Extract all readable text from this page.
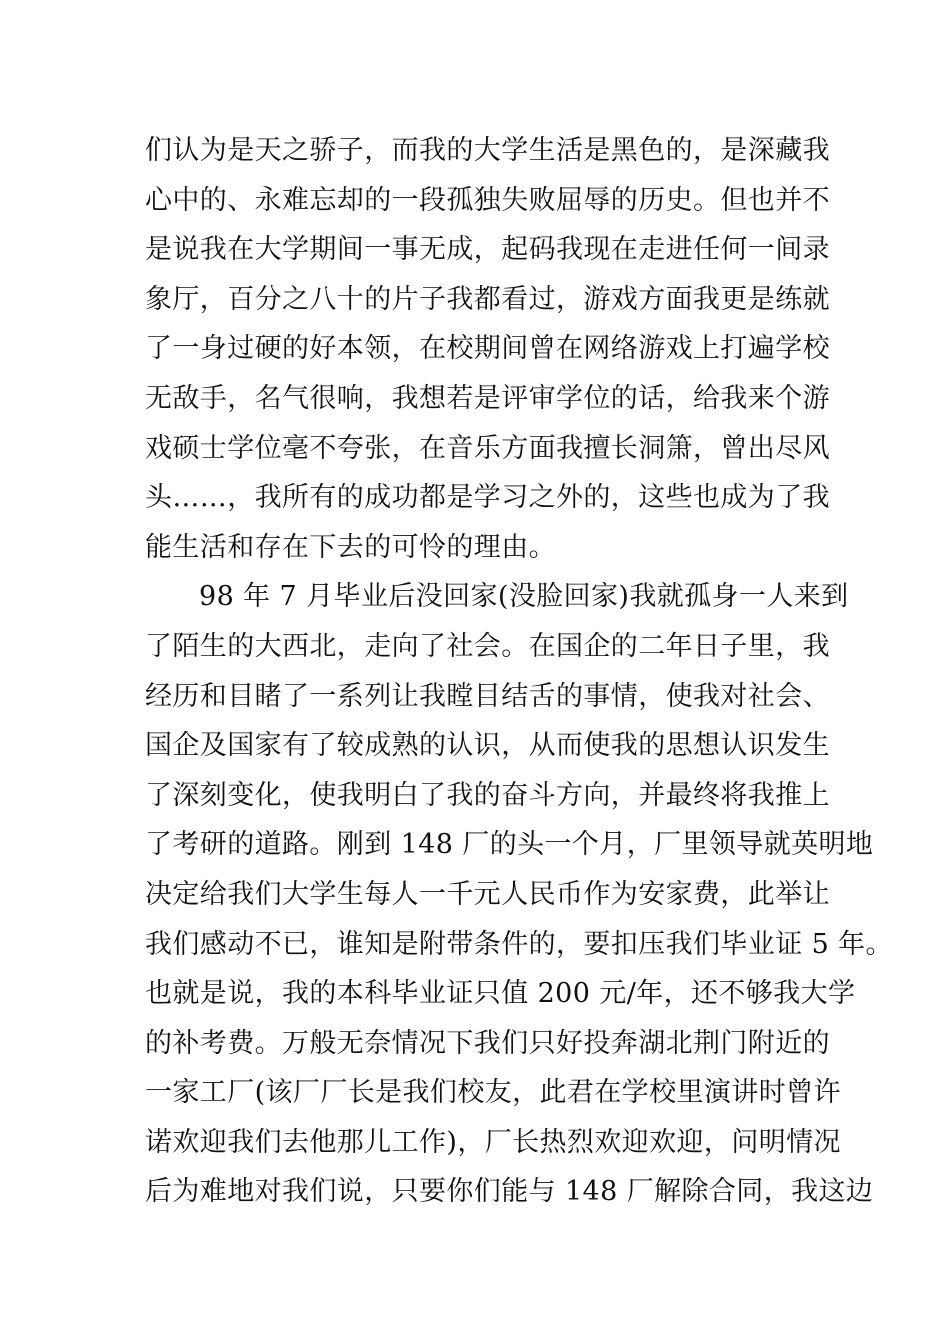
们认为是天之骄子，而我的大学生活是黑色的，是深藏我
心中的、永难忘却的一段孤独失败屈辱的历史。但也并不
是说我在大学期间一事无成，起码我现在走进任何一间录
象厅，百分之八十的片子我都看过，游戏方面我更是练就
了一身过硬的好本领，在校期间曾在网络游戏上打遍学校
无敌手，名气很响，我想若是评审学位的话，给我来个游
戏硕士学位毫不夸张，在音乐方面我擅长洞箫，曾出尽风
头……，我所有的成功都是学习之外的，这些也成为了我
能生活和存在下去的可怜的理由。
98 年 7 月毕业后没回家(没脸回家)我就孤身一人来到
了陌生的大西北，走向了社会。在国企的二年日子里，我
经历和目睹了一系列让我瞠目结舌的事情，使我对社会、
国企及国家有了较成熟的认识，从而使我的思想认识发生
了深刻变化，使我明白了我的奋斗方向，并最终将我推上
了考研的道路。刚到 148 厂的头一个月，厂里领导就英明地
决定给我们大学生每人一千元人民币作为安家费，此举让
我们感动不已，谁知是附带条件的，要扣压我们毕业证 5 年。
也就是说，我的本科毕业证只值 200 元/年，还不够我大学
的补考费。万般无奈情况下我们只好投奔湖北荆门附近的
一家工厂(该厂厂长是我们校友，此君在学校里演讲时曾许
诺欢迎我们去他那儿工作)，厂长热烈欢迎欢迎，问明情况
后为难地对我们说，只要你们能与 148 厂解除合同，我这边
